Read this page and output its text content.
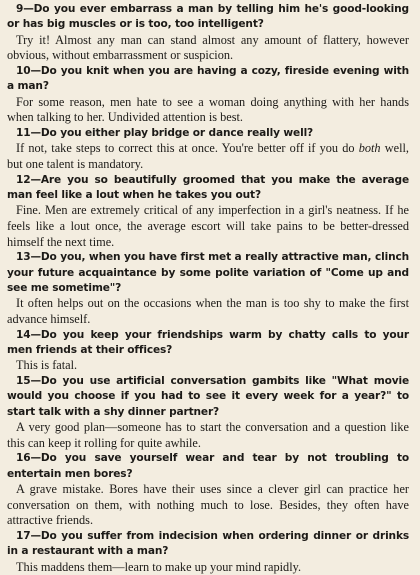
9—Do you ever embarrass a man by telling him he's good-looking or has big muscles or is too, too intelligent?

Try it! Almost any man can stand almost any amount of flattery, however obvious, without embarrassment or suspicion.

10—Do you knit when you are having a cozy, fireside evening with a man?

For some reason, men hate to see a woman doing anything with her hands when talking to her. Undivided attention is best.

11—Do you either play bridge or dance really well?

If not, take steps to correct this at once. You're better off if you do both well, but one talent is mandatory.

12—Are you so beautifully groomed that you make the average man feel like a lout when he takes you out?

Fine. Men are extremely critical of any imperfection in a girl's neatness. If he feels like a lout once, the average escort will take pains to be better-dressed himself the next time.

13—Do you, when you have first met a really attractive man, clinch your future acquaintance by some polite variation of "Come up and see me sometime"?

It often helps out on the occasions when the man is too shy to make the first advance himself.

14—Do you keep your friendships warm by chatty calls to your men friends at their offices?

This is fatal.

15—Do you use artificial conversation gambits like "What movie would you choose if you had to see it every week for a year?" to start talk with a shy dinner partner?

A very good plan—someone has to start the conversation and a question like this can keep it rolling for quite awhile.

16—Do you save yourself wear and tear by not troubling to entertain men bores?

A grave mistake. Bores have their uses since a clever girl can practice her conversation on them, with nothing much to lose. Besides, they often have attractive friends.

17—Do you suffer from indecision when ordering dinner or drinks in a restaurant with a man?

This maddens them—learn to make up your mind rapidly.
